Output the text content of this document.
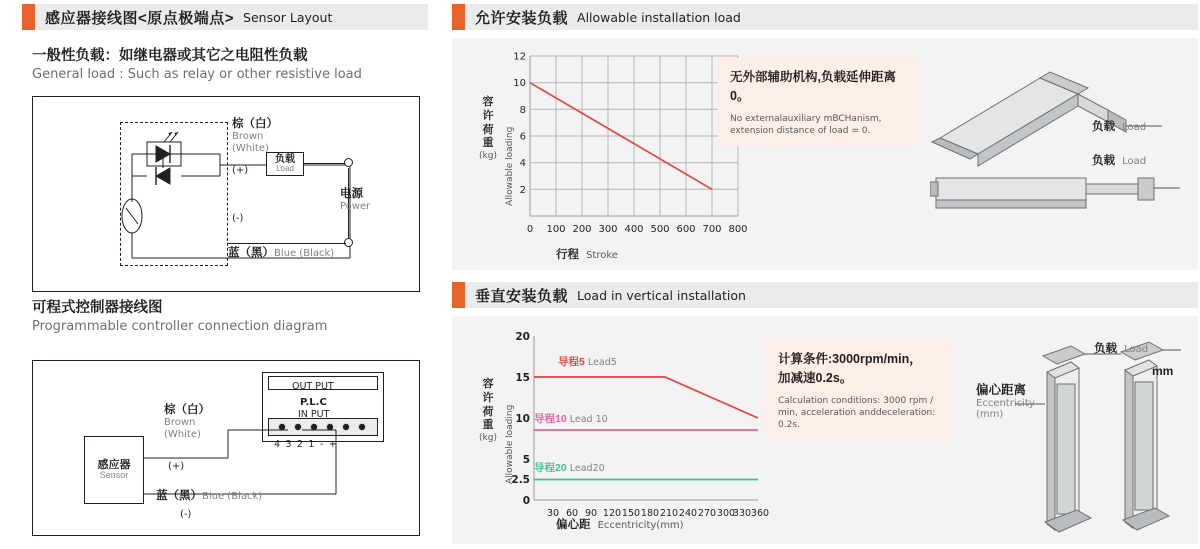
感应器接线图<原点极端点> Sensor Layout
一般性负载：如继电器或其它之电阻性负载
General load : Such as relay or other resistive load
负载
Load
棕（白）
Brown
(White)
(+)
(-)
蓝（黑）Blue (Black)
电源
Power
可程式控制器接线图
Programmable controller connection diagram
感应器
Sensor
OUT PUT
P.L.C
IN PUT
4 3 2 1 - +
棕（白）
Brown
(White)
(+)
蓝（黑）Blue (Black)
(-)
允许安装负载 Allowable installation load
容许荷重
(kg) Allowable loading
12
10
8
6
4
2
0 100 200 300 400 500 600 700 800
行程 Stroke
无外部辅助机构,负载延伸距离0。
No externalauxiliary mBCHanism, extension distance of load = 0.	负载 Load
负载 Load
垂直安装负载 Load in vertical installation
容许荷重
(kg) Allowable loading
20
15
10
5
2.5
0
30 60 90 120 150 180 210 240 270 300
330 360
导程5 Lead5
导程10 Lead 10
导程20 Lead20
偏心距 Eccentricity(mm)
计算条件:3000rpm/min，
加减速0.2s。
Calculation conditions: 3000 rpm / min, acceleration anddeceleration: 0.2s.
负载 Load
mm
偏心距离
Eccentricity
(mm)
